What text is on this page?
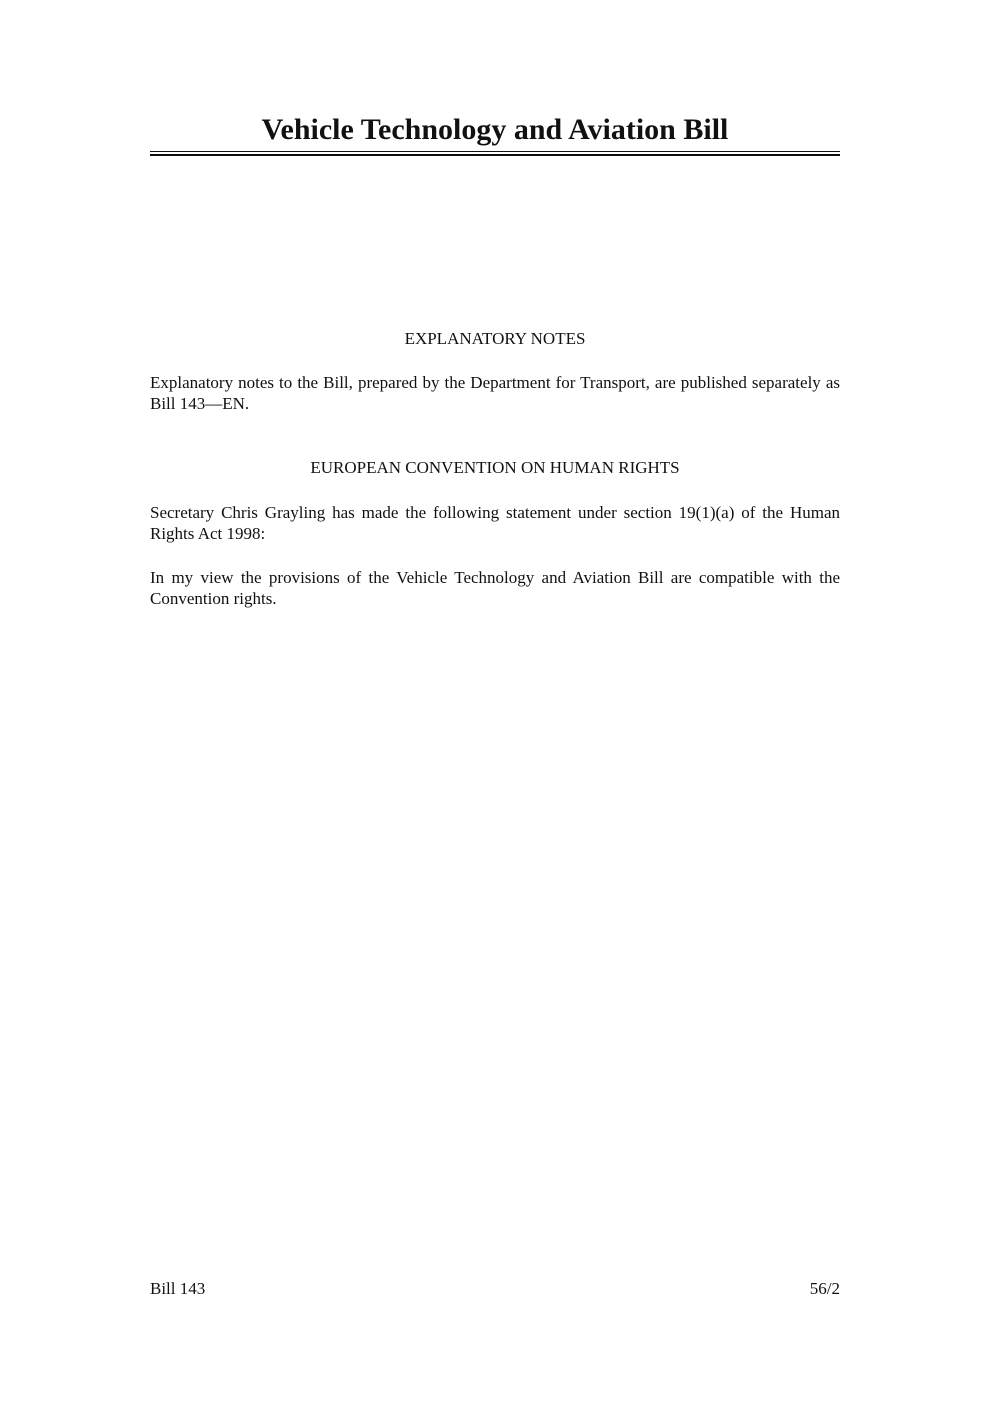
Vehicle Technology and Aviation Bill
EXPLANATORY NOTES

Explanatory notes to the Bill, prepared by the Department for Transport, are published separately as Bill 143—EN.

EUROPEAN CONVENTION ON HUMAN RIGHTS

Secretary Chris Grayling has made the following statement under section 19(1)(a) of the Human Rights Act 1998:

In my view the provisions of the Vehicle Technology and Aviation Bill are compatible with the Convention rights.

Bill 143	56/2
